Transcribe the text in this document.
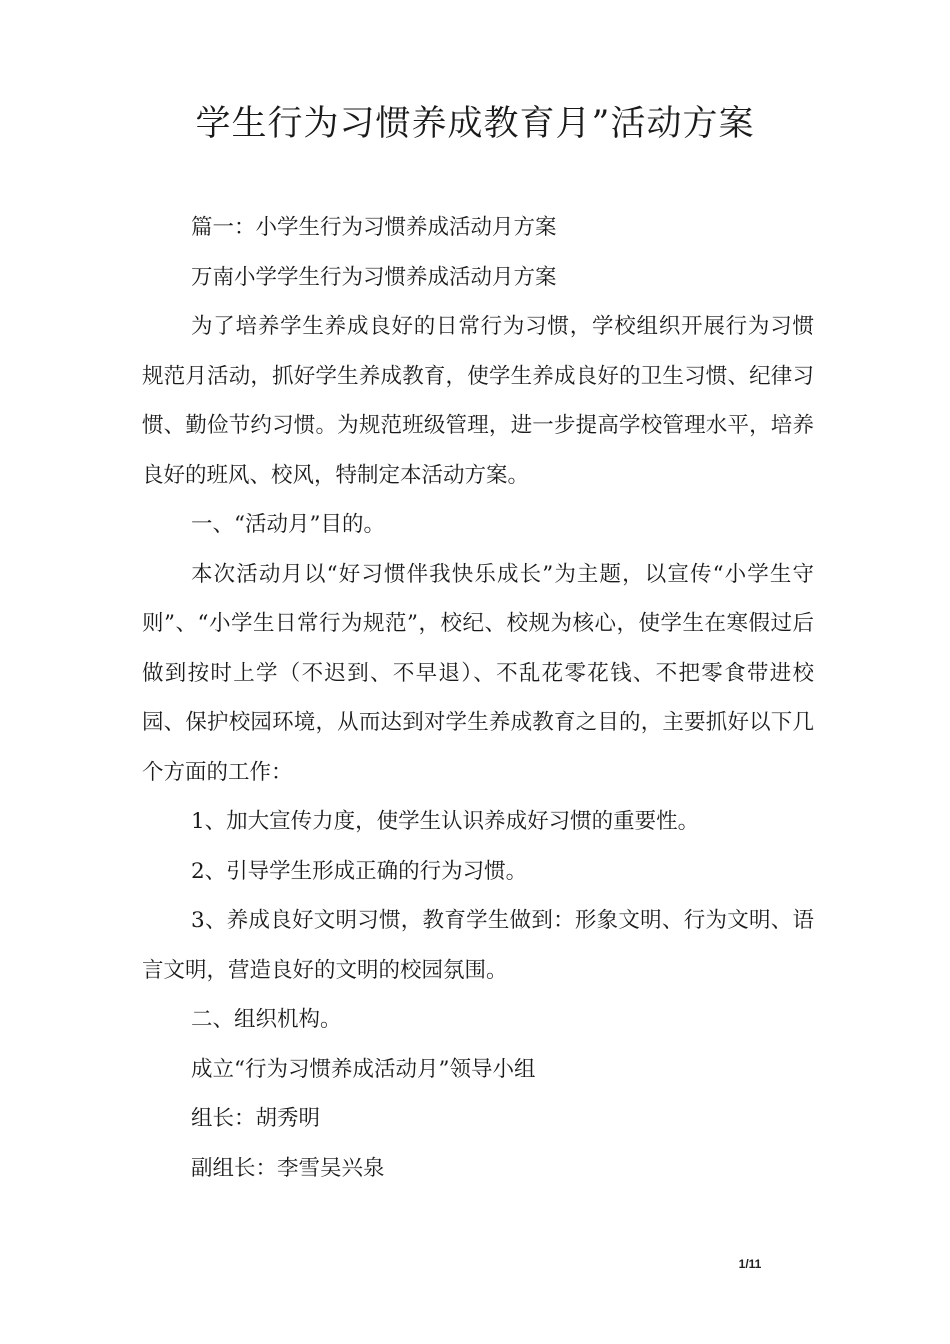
学生行为习惯养成教育月”活动方案

篇一：小学生行为习惯养成活动月方案

万南小学学生行为习惯养成活动月方案

为了培养学生养成良好的日常行为习惯，学校组织开展行为习惯规范月活动，抓好学生养成教育，使学生养成良好的卫生习惯、纪律习惯、勤俭节约习惯。为规范班级管理，进一步提高学校管理水平，培养良好的班风、校风，特制定本活动方案。

一、“活动月”目的。

本次活动月以“好习惯伴我快乐成长”为主题，以宣传“小学生守则”、“小学生日常行为规范”，校纪、校规为核心，使学生在寒假过后做到按时上学（不迟到、不早退）、不乱花零花钱、不把零食带进校园、保护校园环境，从而达到对学生养成教育之目的，主要抓好以下几个方面的工作：

1、加大宣传力度，使学生认识养成好习惯的重要性。

2、引导学生形成正确的行为习惯。

3、养成良好文明习惯，教育学生做到：形象文明、行为文明、语言文明，营造良好的文明的校园氛围。

二、组织机构。

成立“行为习惯养成活动月”领导小组

组长：胡秀明

副组长：李雪吴兴泉

1/11
